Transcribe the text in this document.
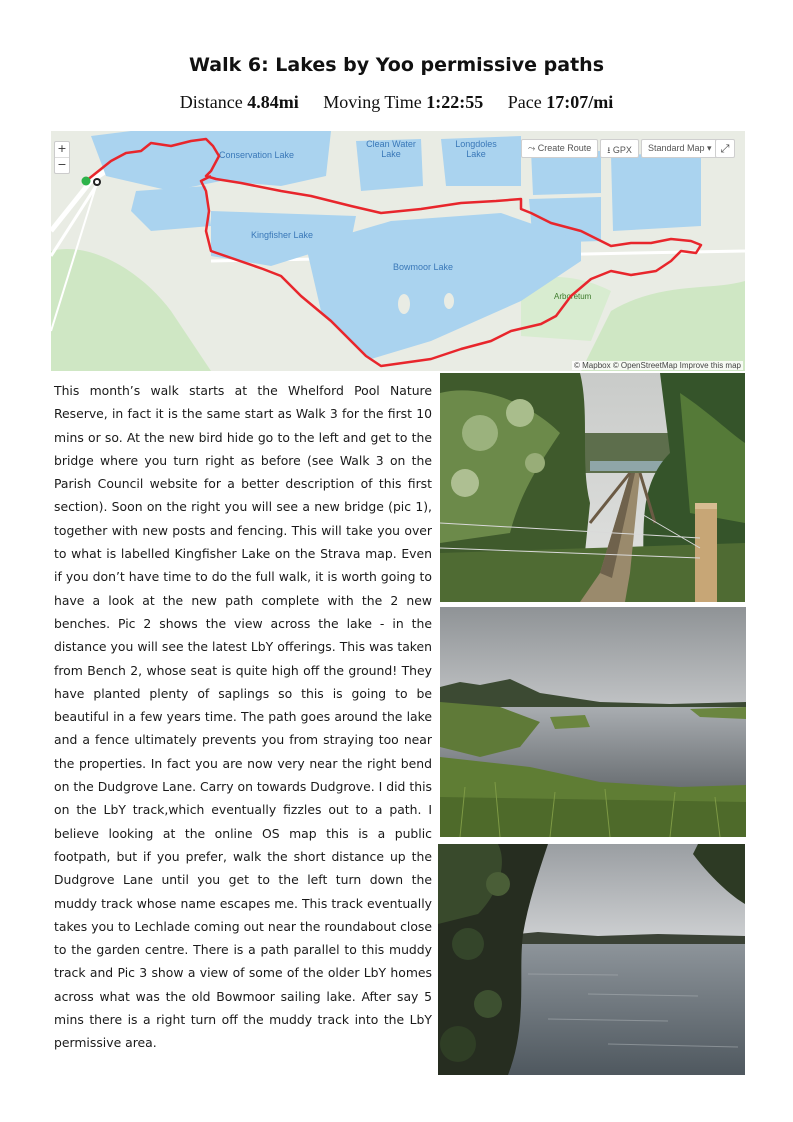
Walk 6: Lakes by Yoo permissive paths
Distance 4.84mi Moving Time 1:22:55 Pace 17:07/mi
Conservation Lake
Clean Water
Lake
Longdoles
Lake
Kingfisher Lake
Bowmoor Lake
Arboretum
+
−
⤳ Create Route	⭳ GPX	Standard Map ▾ ⤢
© Mapbox © OpenStreetMap Improve this map
This month’s walk starts at the Whelford Pool Nature Reserve, in fact it is the same start as Walk 3 for the first 10 mins or so. At the new bird hide go to the left and get to the bridge where you turn right as before (see Walk 3 on the Parish Council website for a better description of this first section). Soon on the right you will see a new bridge (pic 1), together with new posts and fencing. This will take you over to what is labelled Kingfisher Lake on the Strava map. Even if you don’t have time to do the full walk, it is worth going to have a look at the new path complete with the 2 new benches. Pic 2 shows the view across the lake - in the distance you will see the latest LbY offerings. This was taken from Bench 2, whose seat is quite high off the ground! They have planted plenty of saplings so this is going to be beautiful in a few years time. The path goes around the lake and a fence ultimately prevents you from straying too near the properties. In fact you are now very near the right bend on the Dudgrove Lane. Carry on towards Dudgrove. I did this on the LbY track,which eventually fizzles out to a path. I believe looking at the online OS map this is a public footpath, but if you prefer, walk the short distance up the Dudgrove Lane until you get to the left turn down the muddy track whose name escapes me. This track eventually takes you to Lechlade coming out near the roundabout close to the garden centre. There is a path parallel to this muddy track and Pic 3 show a view of some of the older LbY homes across what was the old Bowmoor sailing lake. After say 5 mins there is a right turn off the muddy track into the LbY permissive area.
